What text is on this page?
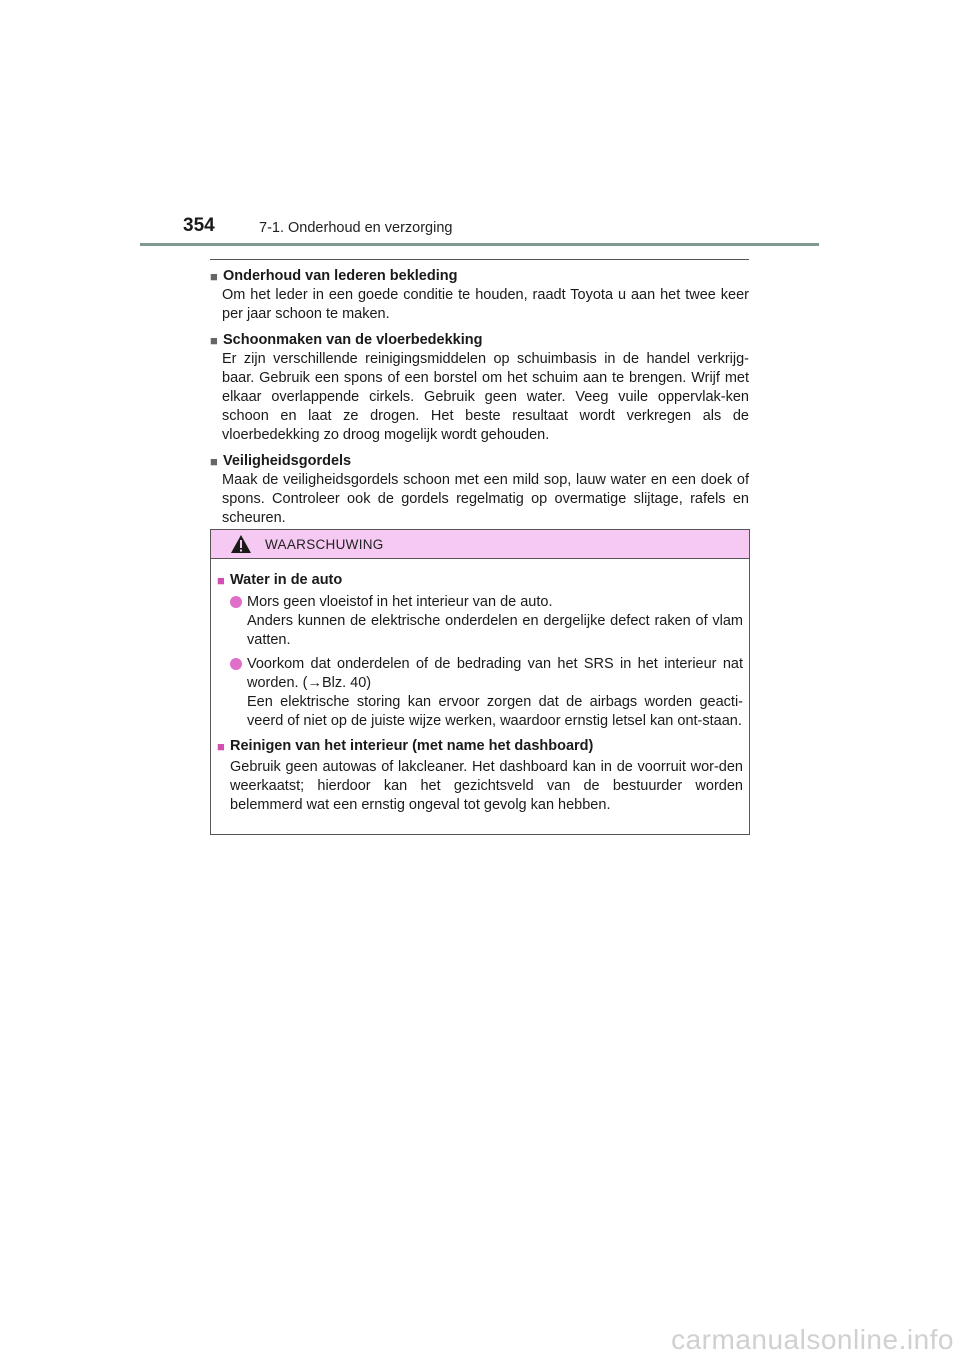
354	7-1. Onderhoud en verzorging
■ Onderhoud van lederen bekleding
Om het leder in een goede conditie te houden, raadt Toyota u aan het twee keer per jaar schoon te maken.
■ Schoonmaken van de vloerbedekking
Er zijn verschillende reinigingsmiddelen op schuimbasis in de handel verkrijg-baar. Gebruik een spons of een borstel om het schuim aan te brengen. Wrijf met elkaar overlappende cirkels. Gebruik geen water. Veeg vuile oppervlak-ken schoon en laat ze drogen. Het beste resultaat wordt verkregen als de vloerbedekking zo droog mogelijk wordt gehouden.
■ Veiligheidsgordels
Maak de veiligheidsgordels schoon met een mild sop, lauw water en een doek of spons. Controleer ook de gordels regelmatig op overmatige slijtage, rafels en scheuren.
WAARSCHUWING
■ Water in de auto
Mors geen vloeistof in het interieur van de auto.
Anders kunnen de elektrische onderdelen en dergelijke defect raken of vlam vatten.
Voorkom dat onderdelen of de bedrading van het SRS in het interieur nat worden. (→Blz. 40)
Een elektrische storing kan ervoor zorgen dat de airbags worden geacti-veerd of niet op de juiste wijze werken, waardoor ernstig letsel kan ont-staan.
■ Reinigen van het interieur (met name het dashboard)
Gebruik geen autowas of lakcleaner. Het dashboard kan in de voorruit wor-den weerkaatst; hierdoor kan het gezichtsveld van de bestuurder worden belemmerd wat een ernstig ongeval tot gevolg kan hebben.
carmanualsonline.info
